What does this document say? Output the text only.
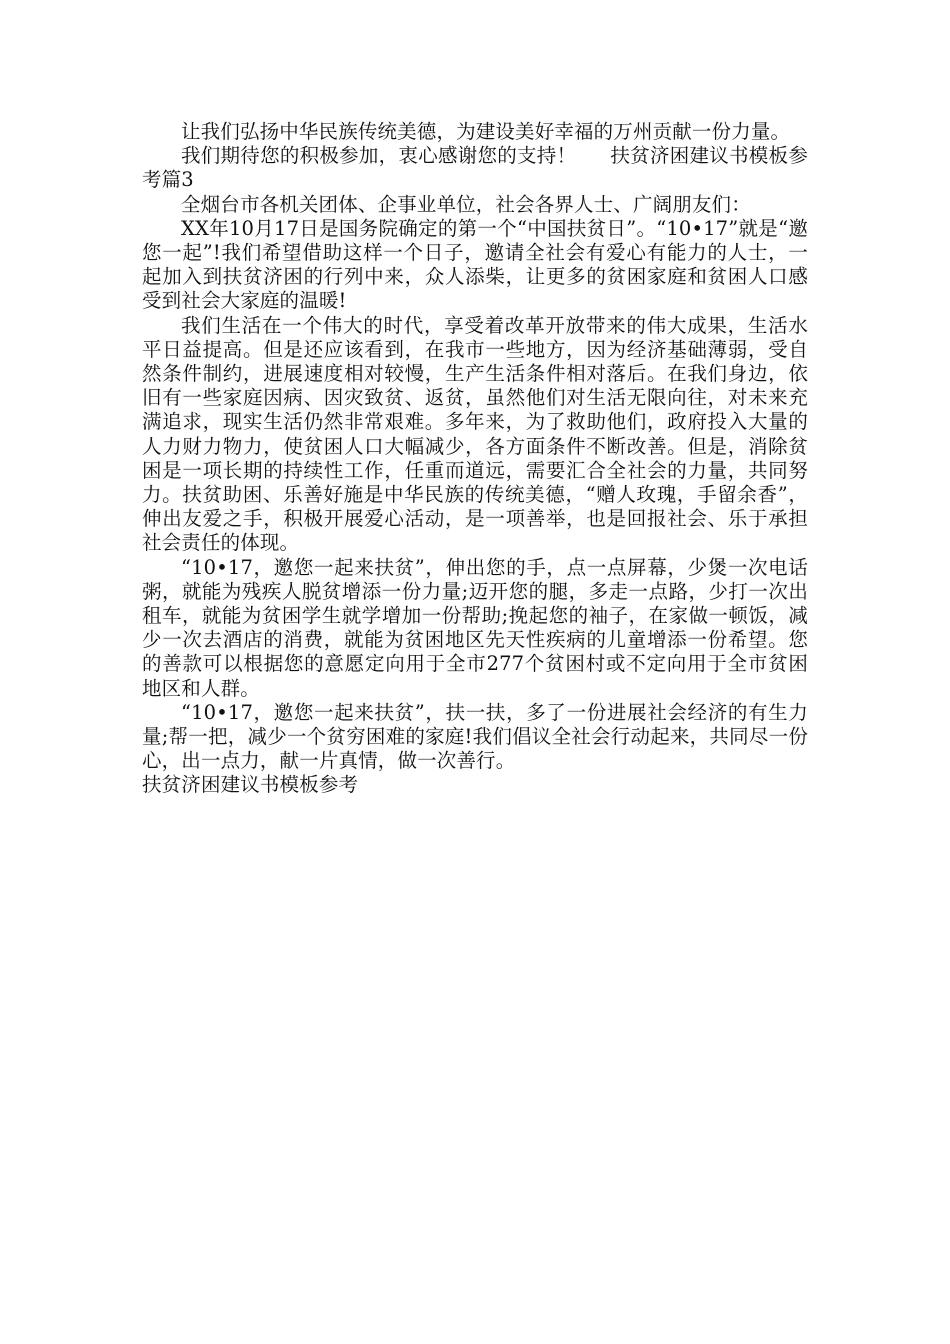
让我们弘扬中华民族传统美德，为建设美好幸福的万州贡献一份力量。

我们期待您的积极参加，衷心感谢您的支持！ 扶贫济困建议书模板参考篇3

全烟台市各机关团体、企事业单位，社会各界人士、广阔朋友们：

XX年10月17日是国务院确定的第一个“中国扶贫日”。“10•17”就是“邀您一起”!我们希望借助这样一个日子，邀请全社会有爱心有能力的人士，一起加入到扶贫济困的行列中来，众人添柴，让更多的贫困家庭和贫困人口感受到社会大家庭的温暖!

我们生活在一个伟大的时代，享受着改革开放带来的伟大成果，生活水平日益提高。但是还应该看到，在我市一些地方，因为经济基础薄弱，受自然条件制约，进展速度相对较慢，生产生活条件相对落后。在我们身边，依旧有一些家庭因病、因灾致贫、返贫，虽然他们对生活无限向往，对未来充满追求，现实生活仍然非常艰难。多年来，为了救助他们，政府投入大量的人力财力物力，使贫困人口大幅减少，各方面条件不断改善。但是，消除贫困是一项长期的持续性工作，任重而道远，需要汇合全社会的力量，共同努力。扶贫助困、乐善好施是中华民族的传统美德，“赠人玫瑰，手留余香”，伸出友爱之手，积极开展爱心活动，是一项善举，也是回报社会、乐于承担社会责任的体现。

“10•17，邀您一起来扶贫”，伸出您的手，点一点屏幕，少煲一次电话粥，就能为残疾人脱贫增添一份力量;迈开您的腿，多走一点路，少打一次出租车，就能为贫困学生就学增加一份帮助;挽起您的袖子，在家做一顿饭，减少一次去酒店的消费，就能为贫困地区先天性疾病的儿童增添一份希望。您的善款可以根据您的意愿定向用于全市277个贫困村或不定向用于全市贫困地区和人群。

“10•17，邀您一起来扶贫”，扶一扶，多了一份进展社会经济的有生力量;帮一把，减少一个贫穷困难的家庭!我们倡议全社会行动起来，共同尽一份心，出一点力，献一片真情，做一次善行。

扶贫济困建议书模板参考
